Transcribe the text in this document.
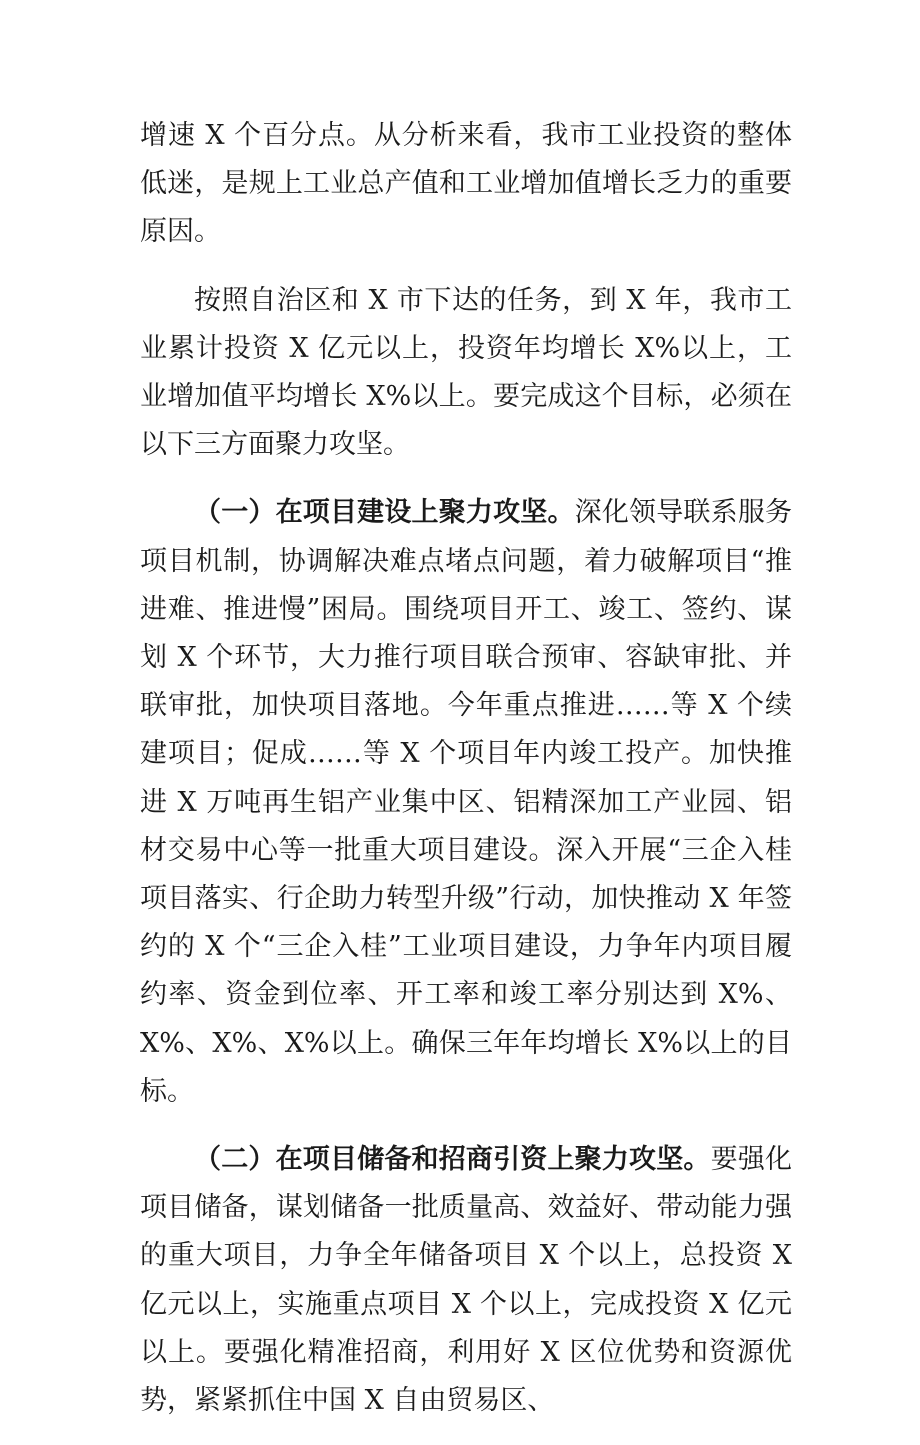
增速 X 个百分点。从分析来看，我市工业投资的整体低迷，是规上工业总产值和工业增加值增长乏力的重要原因。

按照自治区和 X 市下达的任务，到 X 年，我市工业累计投资 X 亿元以上，投资年均增长 X%以上，工业增加值平均增长 X%以上。要完成这个目标，必须在以下三方面聚力攻坚。

（一）在项目建设上聚力攻坚。深化领导联系服务项目机制，协调解决难点堵点问题，着力破解项目“推进难、推进慢”困局。围绕项目开工、竣工、签约、谋划 X 个环节，大力推行项目联合预审、容缺审批、并联审批，加快项目落地。今年重点推进……等 X 个续建项目；促成……等 X 个项目年内竣工投产。加快推进 X 万吨再生铝产业集中区、铝精深加工产业园、铝材交易中心等一批重大项目建设。深入开展“三企入桂项目落实、行企助力转型升级”行动，加快推动 X 年签约的 X 个“三企入桂”工业项目建设，力争年内项目履约率、资金到位率、开工率和竣工率分别达到 X%、X%、X%、X%以上。确保三年年均增长 X%以上的目标。

（二）在项目储备和招商引资上聚力攻坚。要强化项目储备，谋划储备一批质量高、效益好、带动能力强的重大项目，力争全年储备项目 X 个以上，总投资 X 亿元以上，实施重点项目 X 个以上，完成投资 X 亿元以上。要强化精准招商，利用好 X 区位优势和资源优势，紧紧抓住中国 X 自由贸易区、
